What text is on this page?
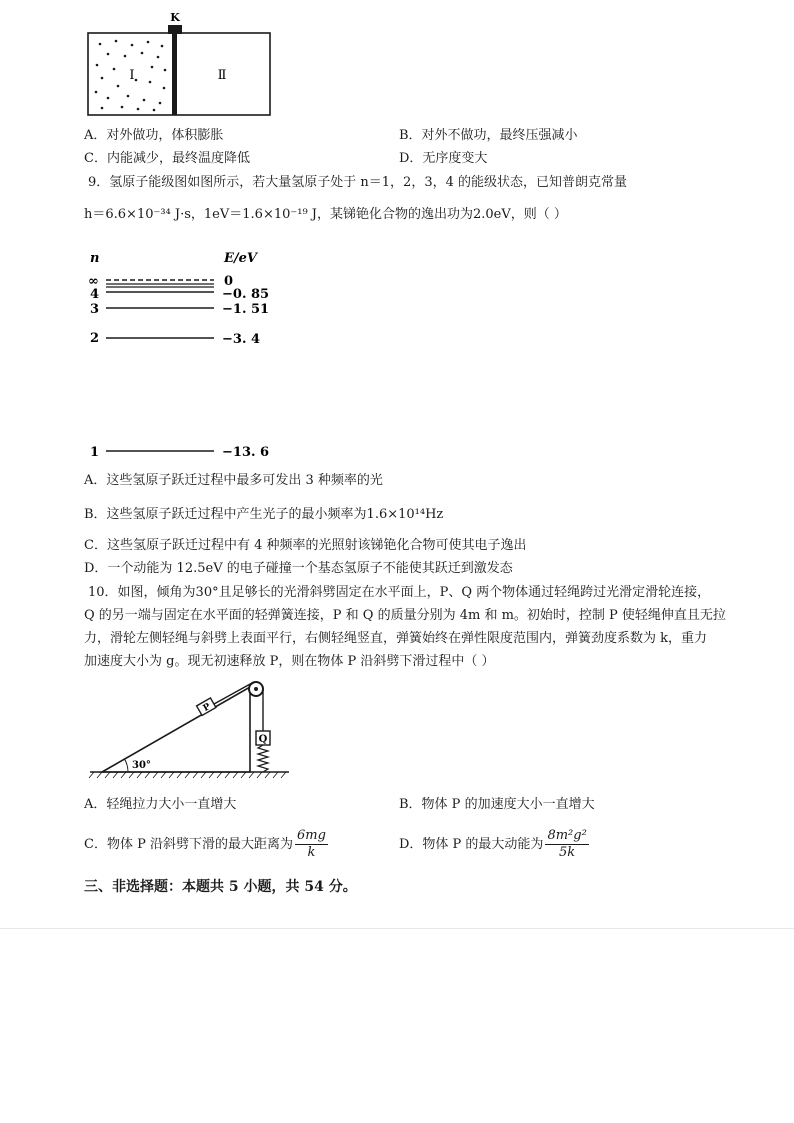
K
Ⅰ	Ⅱ
A．对外做功，体积膨胀	B．对外不做功，最终压强减小
C．内能减少，最终温度降低	D．无序度变大
9．氢原子能级图如图所示，若大量氢原子处于 n＝1，2，3，4 的能级状态，已知普朗克常量
h＝6.6×10⁻³⁴ J·s，1eV＝1.6×10⁻¹⁹ J，某锑铯化合物的逸出功为2.0eV，则（ ）
n	E/eV
∞	0
4	−0. 85
3	−1. 51
2	−3. 4
1	−13. 6
A．这些氢原子跃迁过程中最多可发出 3 种频率的光
B．这些氢原子跃迁过程中产生光子的最小频率为1.6×10¹⁴Hz
C．这些氢原子跃迁过程中有 4 种频率的光照射该锑铯化合物可使其电子逸出
D．一个动能为 12.5eV 的电子碰撞一个基态氢原子不能使其跃迁到激发态
10．如图，倾角为30°且足够长的光滑斜劈固定在水平面上，P、Q 两个物体通过轻绳跨过光滑定滑轮连接，
Q 的另一端与固定在水平面的轻弹簧连接，P 和 Q 的质量分别为 4m 和 m。初始时，控制 P 使轻绳伸直且无拉
力，滑轮左侧轻绳与斜劈上表面平行，右侧轻绳竖直，弹簧始终在弹性限度范围内，弹簧劲度系数为 k，重力
加速度大小为 g。现无初速释放 P，则在物体 P 沿斜劈下滑过程中（ ）
30°
P
Q
A．轻绳拉力大小一直增大	B．物体 P 的加速度大小一直增大
C．物体 P 沿斜劈下滑的最大距离为 $\frac{6mg}{k}$	D．物体 P 的最大动能为 $\frac{\text{8m²g²}}{5k}$
三、非选择题：本题共 5 小题，共 54 分。
